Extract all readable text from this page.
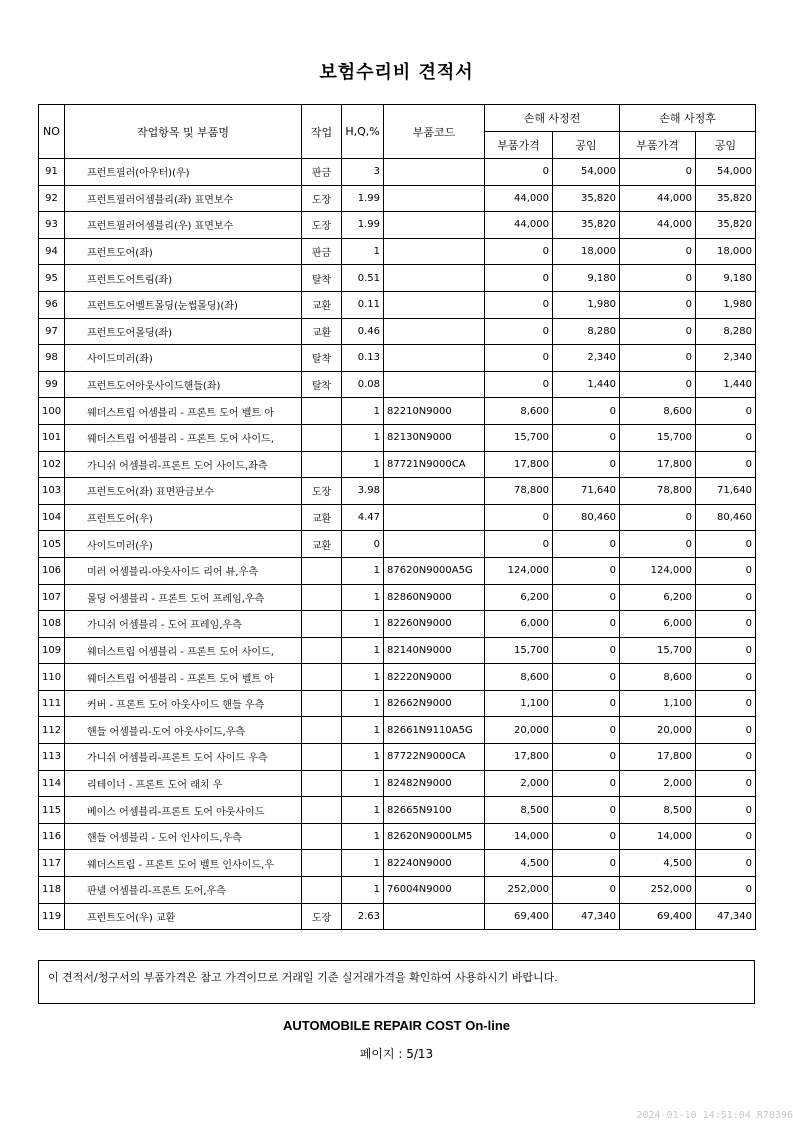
보험수리비 견적서
NO	작업항목 및 부품명	작업	H,Q,%	부품코드	손해 사정전		손해 사정후	
					부품가격	공임	부품가격	공임
91	프런트필러(아우터)(우)	판금	3		0	54,000	0	54,000
92	프런트필러어셈블리(좌) 표면보수	도장	1.99		44,000	35,820	44,000	35,820
93	프런트필러어셈블리(우) 표면보수	도장	1.99		44,000	35,820	44,000	35,820
94	프런트도어(좌)	판금	1		0	18,000	0	18,000
95	프런트도어트림(좌)	탈착	0.51		0	9,180	0	9,180
96	프런트도어벨트몰딩(눈썹몰딩)(좌)	교환	0.11		0	1,980	0	1,980
97	프런트도어몰딩(좌)	교환	0.46		0	8,280	0	8,280
98	사이드미러(좌)	탈착	0.13		0	2,340	0	2,340
99	프런트도어아웃사이드핸들(좌)	탈착	0.08		0	1,440	0	1,440
100	웨더스트립 어셈블리 - 프론트 도어 벨트 아		1	82210N9000	8,600	0	8,600	0
101	웨더스트립 어셈블리 - 프론트 도어 사이드,		1	82130N9000	15,700	0	15,700	0
102	가니쉬 어셈블리-프론트 도어 사이드,좌측		1	87721N9000CA	17,800	0	17,800	0
103	프런트도어(좌) 표면판금보수	도장	3.98		78,800	71,640	78,800	71,640
104	프런트도어(우)	교환	4.47		0	80,460	0	80,460
105	사이드미러(우)	교환	0		0	0	0	0
106	미러 어셈블리-아웃사이드 리어 뷰,우측		1	87620N9000A5G	124,000	0	124,000	0
107	몰딩 어셈블리 - 프론트 도어 프레임,우측		1	82860N9000	6,200	0	6,200	0
108	가니쉬 어셈블리 - 도어 프레임,우측		1	82260N9000	6,000	0	6,000	0
109	웨더스트립 어셈블리 - 프론트 도어 사이드,		1	82140N9000	15,700	0	15,700	0
110	웨더스트립 어셈블리 - 프론트 도어 벨트 아		1	82220N9000	8,600	0	8,600	0
111	커버 - 프론트 도어 아웃사이드 핸들 우측		1	82662N9000	1,100	0	1,100	0
112	핸들 어셈블리-도어 아웃사이드,우측		1	82661N9110A5G	20,000	0	20,000	0
113	가니쉬 어셈블리-프론트 도어 사이드 우측		1	87722N9000CA	17,800	0	17,800	0
114	리테이너 - 프론트 도어 래치 우		1	82482N9000	2,000	0	2,000	0
115	베이스 어셈블리-프론트 도어 아웃사이드		1	82665N9100	8,500	0	8,500	0
116	핸들 어셈블리 - 도어 인사이드,우측		1	82620N9000LM5	14,000	0	14,000	0
117	웨더스트립 - 프론트 도어 벨트 인사이드,우		1	82240N9000	4,500	0	4,500	0
118	판넬 어셈블리-프론트 도어,우측		1	76004N9000	252,000	0	252,000	0
119	프런트도어(우) 교환	도장	2.63		69,400	47,340	69,400	47,340
이 견적서/청구서의 부품가격은 참고 가격이므로 거래일 기준 실거래가격을 확인하여 사용하시기 바랍니다.
AUTOMOBILE REPAIR COST On-line
페이지 : 5/13
2024-01-10 14:51:04 R70396
